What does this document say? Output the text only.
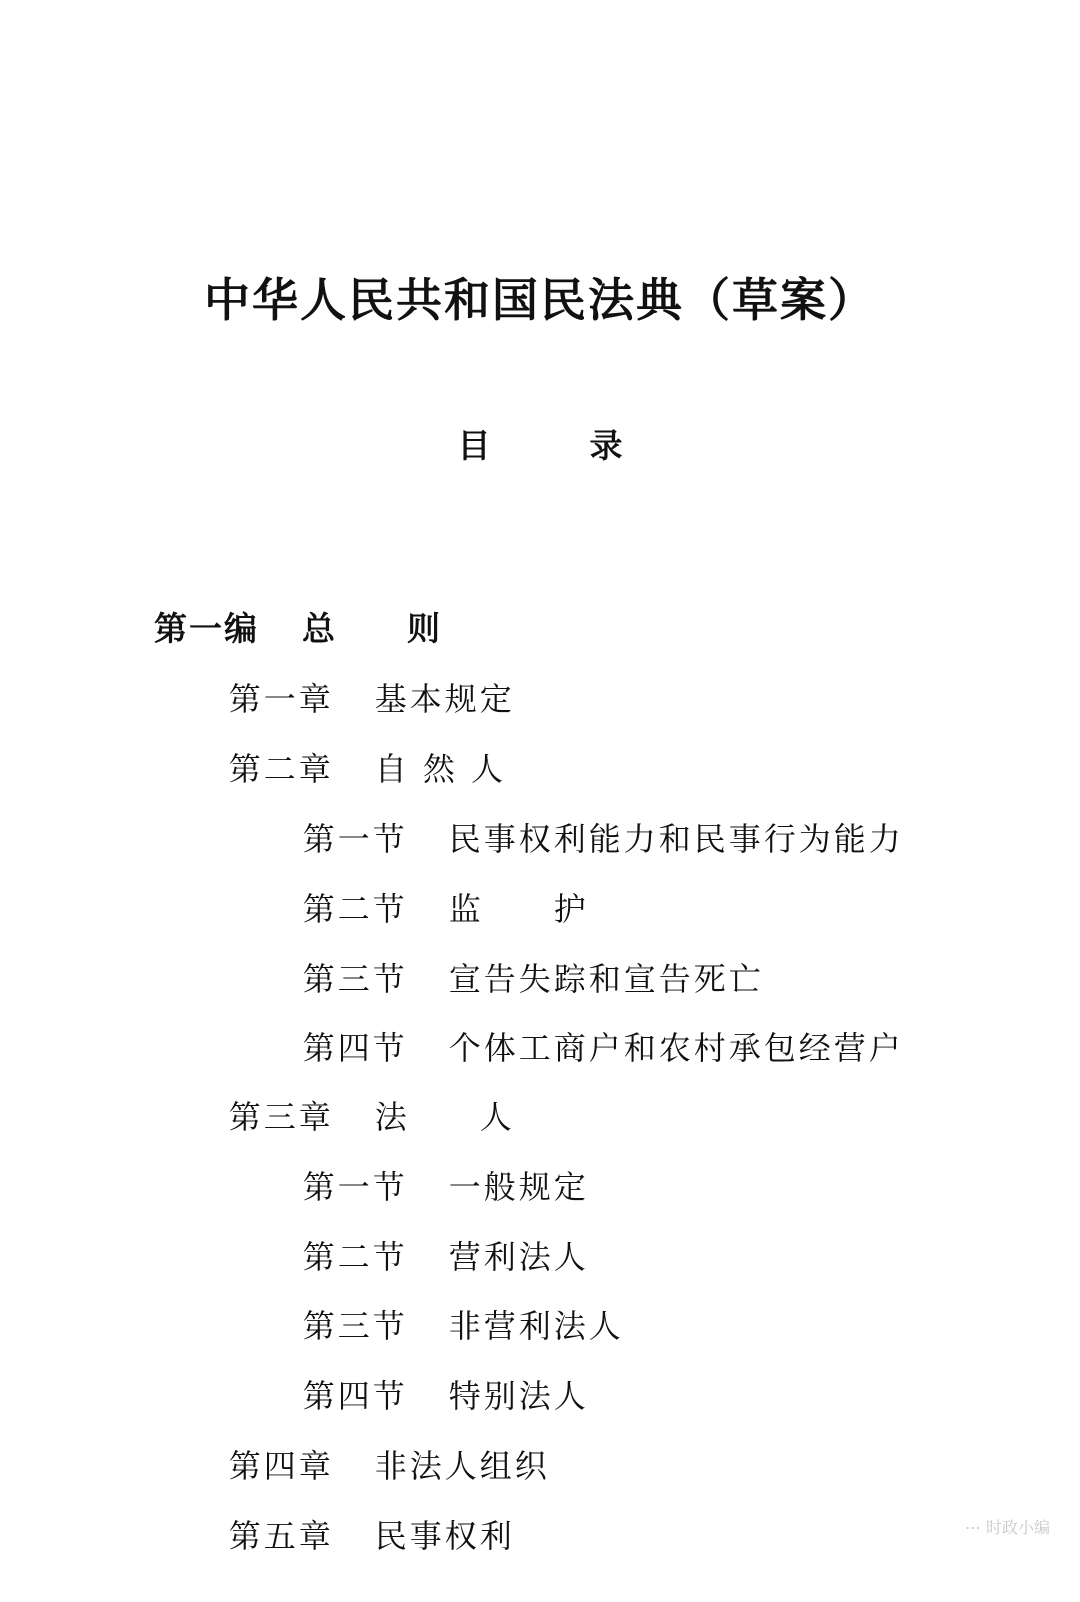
中华人民共和国民法典（草案）
目　　　录

第一编 总　　则

第一章 基本规定

第二章 自 然 人

第一节 民事权利能力和民事行为能力

第二节 监　　护

第三节 宣告失踪和宣告死亡

第四节 个体工商户和农村承包经营户

第三章 法　　人

第一节 一般规定

第二节 营利法人

第三节 非营利法人

第四节 特别法人

第四章 非法人组织

第五章 民事权利
	⋯ 时政小编
